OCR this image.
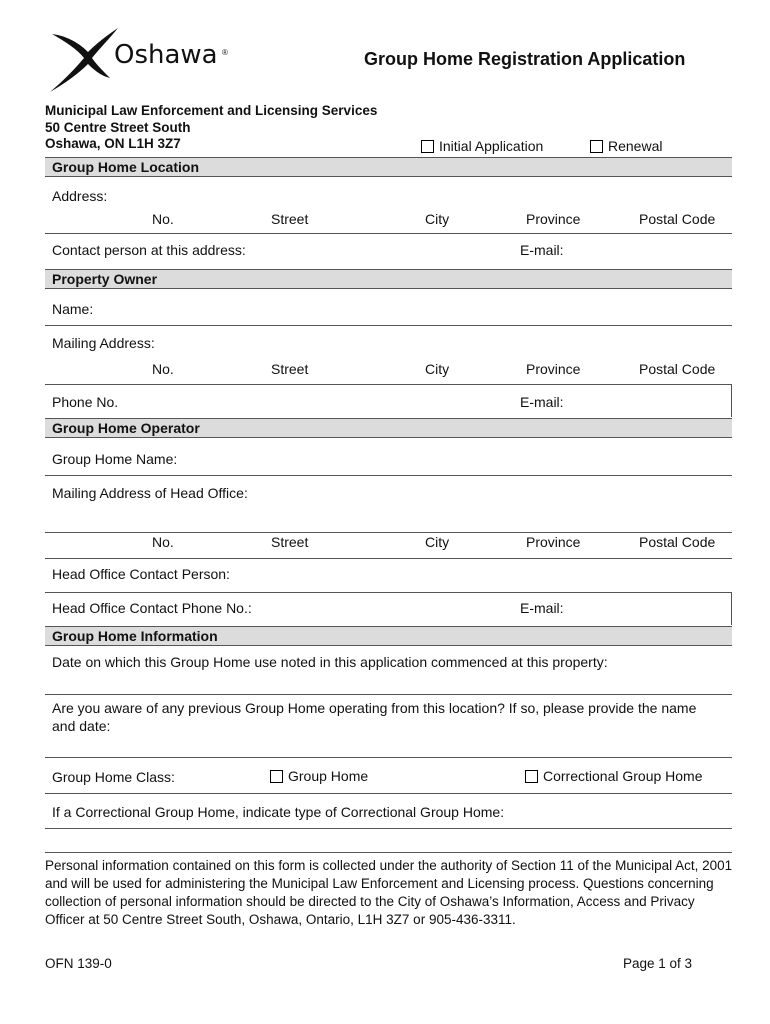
Oshawa ®	Group Home Registration Application
Municipal Law Enforcement and Licensing Services
50 Centre Street South
Oshawa, ON L1H 3Z7	Initial Application	Renewal
Group Home Location
Address:
No.	Street	City	Province	Postal Code
Contact person at this address:	E-mail:
Property Owner
Name:
Mailing Address:
No.	Street	City	Province	Postal Code
Phone No.	E-mail:
Group Home Operator
Group Home Name:
Mailing Address of Head Office:
No.	Street	City	Province	Postal Code
Head Office Contact Person:
Head Office Contact Phone No.:	E-mail:
Group Home Information
Date on which this Group Home use noted in this application commenced at this property:
Are you aware of any previous Group Home operating from this location? If so, please provide the name and date:
Group Home Class:	Group Home	Correctional Group Home
If a Correctional Group Home, indicate type of Correctional Group Home:
Personal information contained on this form is collected under the authority of Section 11 of the Municipal Act, 2001 and will be used for administering the Municipal Law Enforcement and Licensing process. Questions concerning collection of personal information should be directed to the City of Oshawa’s Information, Access and Privacy Officer at 50 Centre Street South, Oshawa, Ontario, L1H 3Z7 or 905-436-3311.
OFN 139-0	Page 1 of 3
